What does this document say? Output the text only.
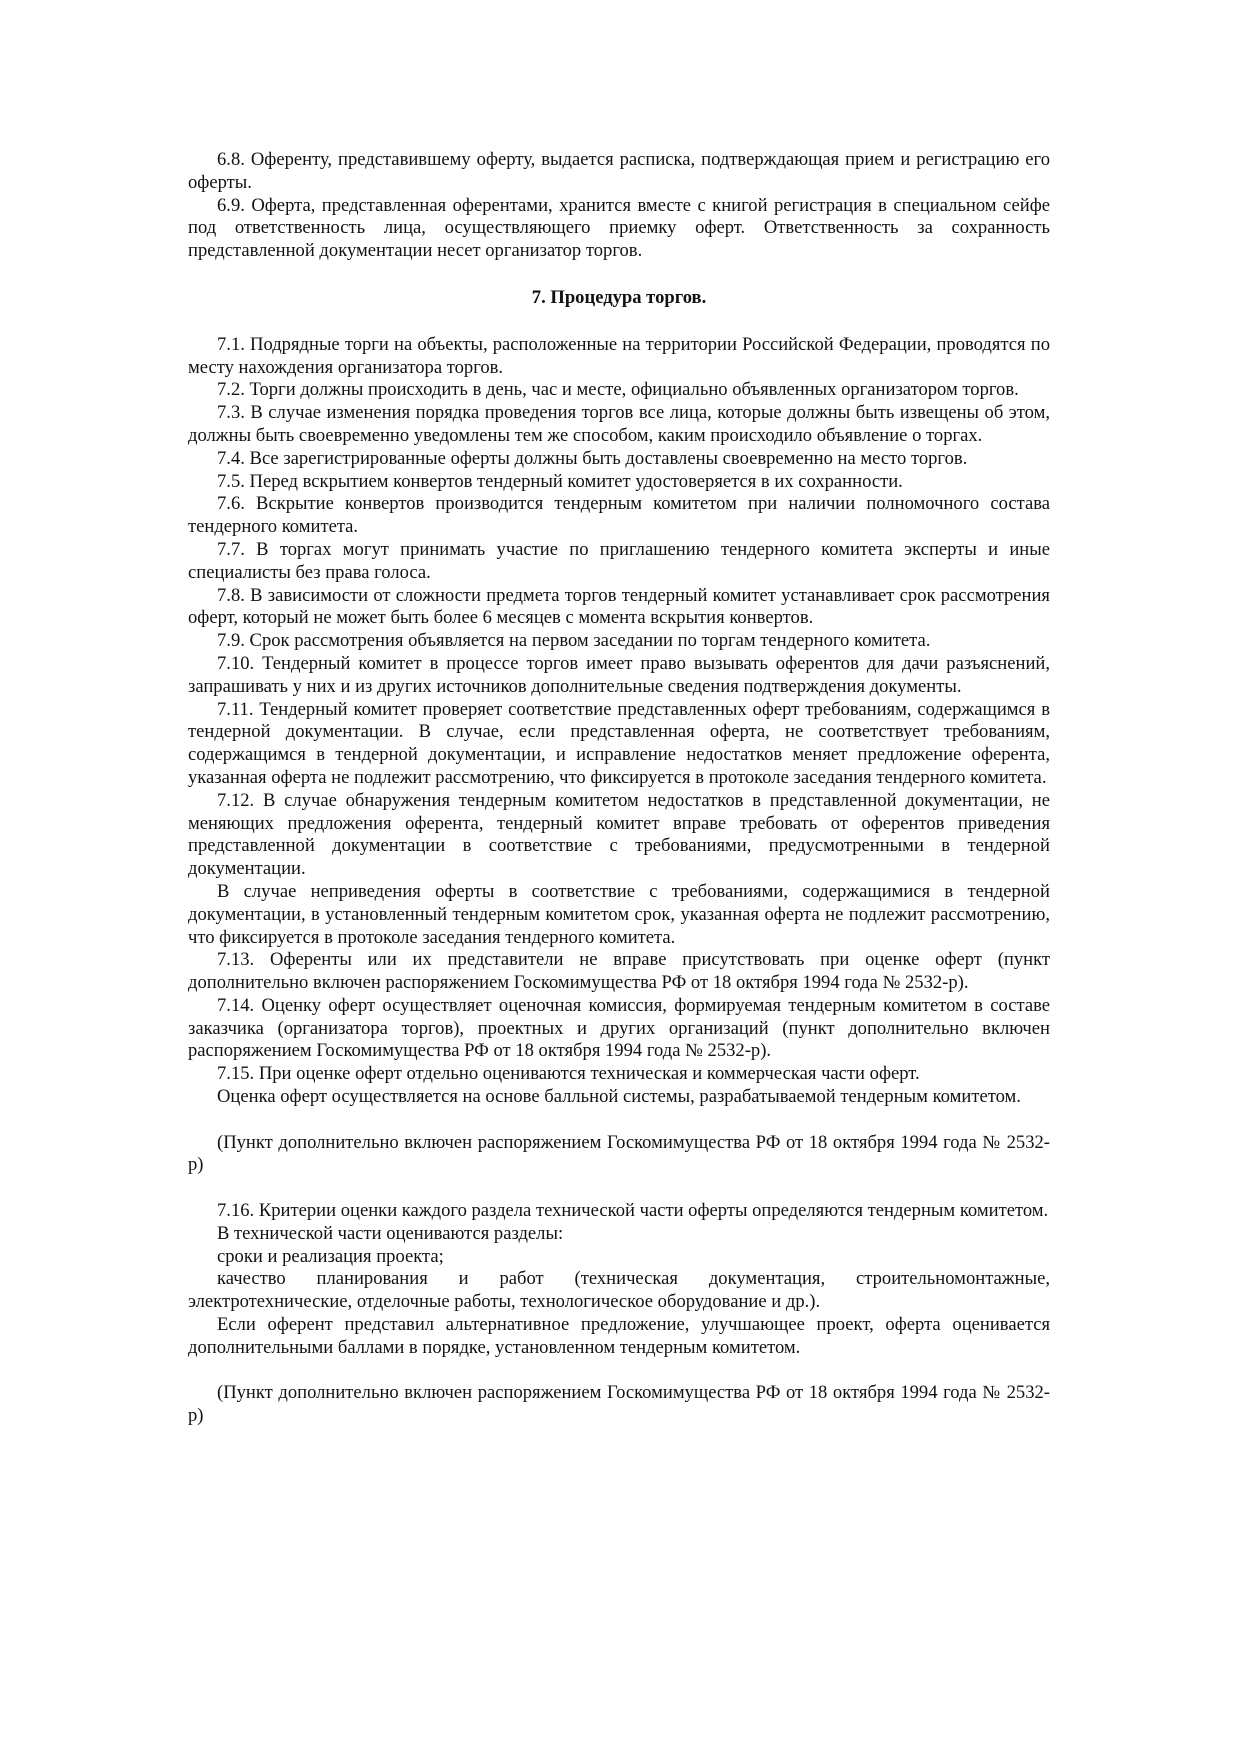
6.8. Оференту, представившему оферту, выдается расписка, подтверждающая прием и регистрацию его оферты.

6.9. Оферта, представленная оферентами, хранится вместе с книгой регистрация в специальном сейфе под ответственность лица, осуществляющего приемку оферт. Ответственность за сохранность представленной документации несет организатор торгов.

7. Процедура торгов.

7.1. Подрядные торги на объекты, расположенные на территории Российской Федерации, проводятся по месту нахождения организатора торгов.

7.2. Торги должны происходить в день, час и месте, официально объявленных организатором торгов.

7.3. В случае изменения порядка проведения торгов все лица, которые должны быть извещены об этом, должны быть своевременно уведомлены тем же способом, каким происходило объявление о торгах.

7.4. Все зарегистрированные оферты должны быть доставлены своевременно на место торгов.

7.5. Перед вскрытием конвертов тендерный комитет удостоверяется в их сохранности.

7.6. Вскрытие конвертов производится тендерным комитетом при наличии полномочного состава тендерного комитета.

7.7. В торгах могут принимать участие по приглашению тендерного комитета эксперты и иные специалисты без права голоса.

7.8. В зависимости от сложности предмета торгов тендерный комитет устанавливает срок рассмотрения оферт, который не может быть более 6 месяцев с момента вскрытия конвертов.

7.9. Срок рассмотрения объявляется на первом заседании по торгам тендерного комитета.

7.10. Тендерный комитет в процессе торгов имеет право вызывать оферентов для дачи разъяснений, запрашивать у них и из других источников дополнительные сведения подтверждения документы.

7.11. Тендерный комитет проверяет соответствие представленных оферт требованиям, содержащимся в тендерной документации. В случае, если представленная оферта, не соответствует требованиям, содержащимся в тендерной документации, и исправление недостатков меняет предложение оферента, указанная оферта не подлежит рассмотрению, что фиксируется в протоколе заседания тендерного комитета.

7.12. В случае обнаружения тендерным комитетом недостатков в представленной документации, не меняющих предложения оферента, тендерный комитет вправе требовать от оферентов приведения представленной документации в соответствие с требованиями, предусмотренными в тендерной документации.

В случае неприведения оферты в соответствие с требованиями, содержащимися в тендерной документации, в установленный тендерным комитетом срок, указанная оферта не подлежит рассмотрению, что фиксируется в протоколе заседания тендерного комитета.

7.13. Оференты или их представители не вправе присутствовать при оценке оферт (пункт дополнительно включен распоряжением Госкомимущества РФ от 18 октября 1994 года № 2532-р).

7.14. Оценку оферт осуществляет оценочная комиссия, формируемая тендерным комитетом в составе заказчика (организатора торгов), проектных и других организаций (пункт дополнительно включен распоряжением Госкомимущества РФ от 18 октября 1994 года № 2532-р).

7.15. При оценке оферт отдельно оцениваются техническая и коммерческая части оферт.

Оценка оферт осуществляется на основе балльной системы, разрабатываемой тендерным комитетом.

(Пункт дополнительно включен распоряжением Госкомимущества РФ от 18 октября 1994 года № 2532-р)

7.16. Критерии оценки каждого раздела технической части оферты определяются тендерным комитетом.

В технической части оцениваются разделы:

сроки и реализация проекта;

качество планирования и работ (техническая документация, строительномонтажные, электротехнические, отделочные работы, технологическое оборудование и др.).

Если оферент представил альтернативное предложение, улучшающее проект, оферта оценивается дополнительными баллами в порядке, установленном тендерным комитетом.

(Пункт дополнительно включен распоряжением Госкомимущества РФ от 18 октября 1994 года № 2532-р)
